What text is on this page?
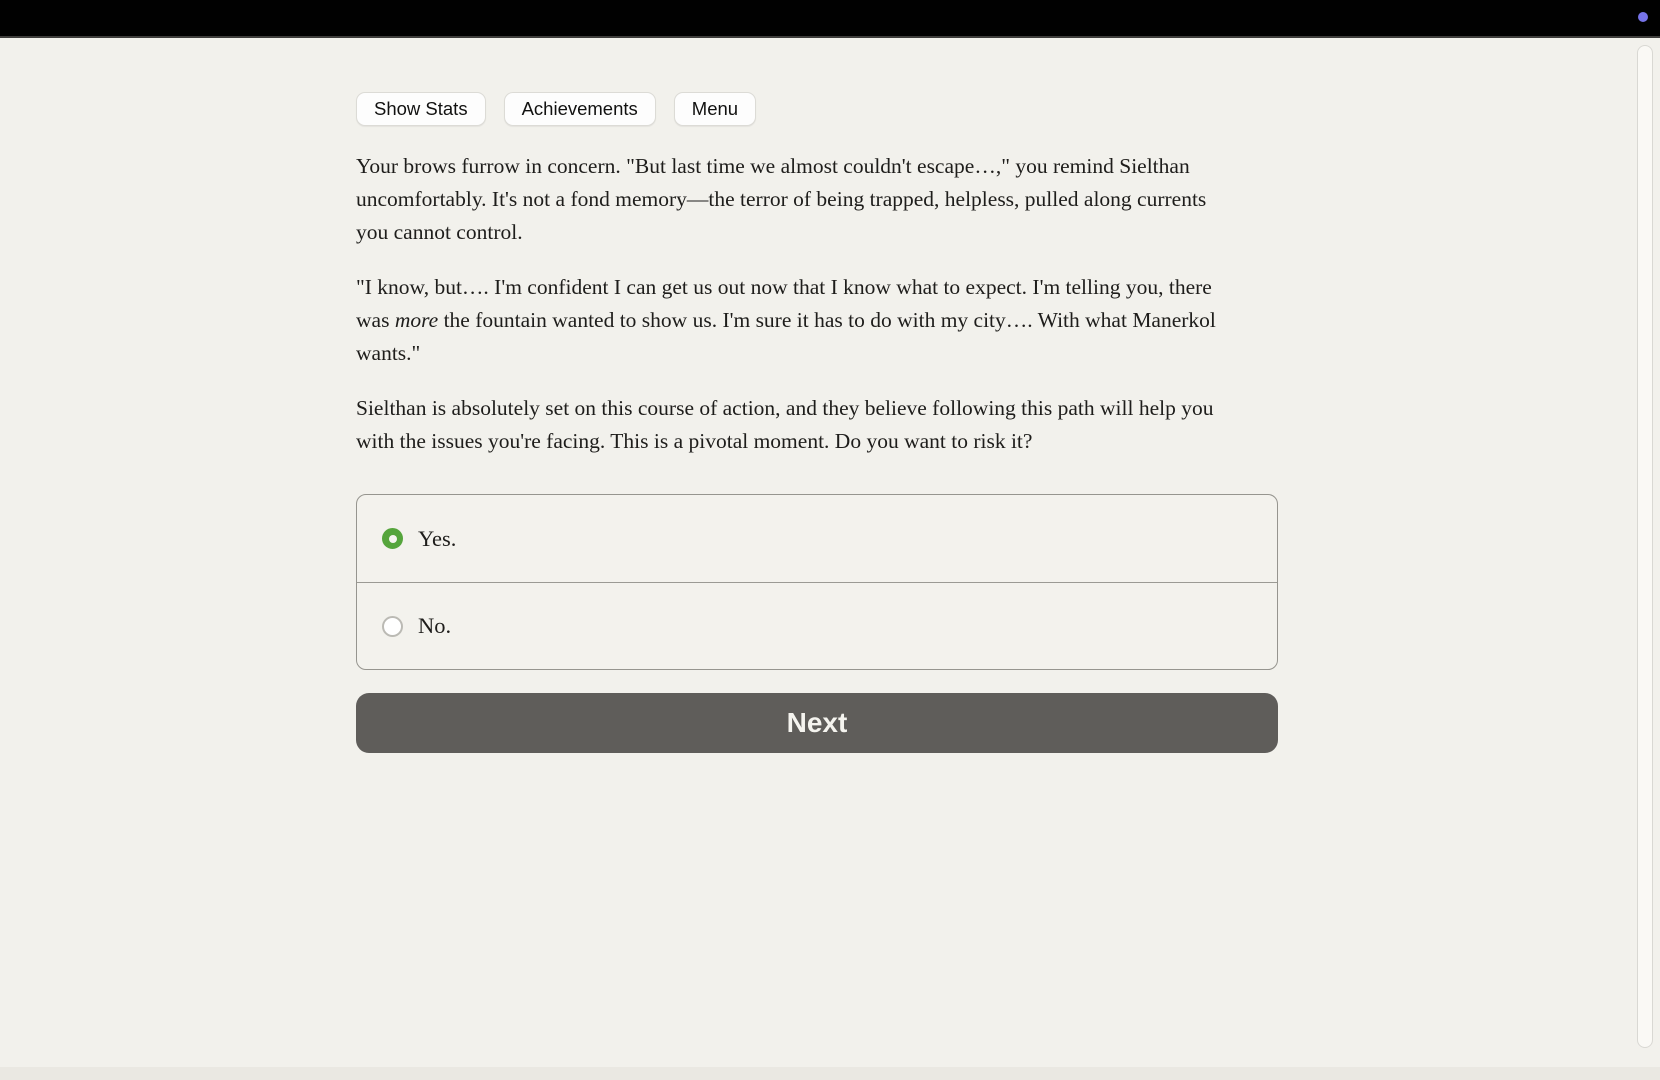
Show Stats	Achievements	Menu

Your brows furrow in concern. "But last time we almost couldn't escape…," you remind Sielthan uncomfortably. It's not a fond memory—the terror of being trapped, helpless, pulled along currents you cannot control.

"I know, but…. I'm confident I can get us out now that I know what to expect. I'm telling you, there was more the fountain wanted to show us. I'm sure it has to do with my city…. With what Manerkol wants."

Sielthan is absolutely set on this course of action, and they believe following this path will help you with the issues you're facing. This is a pivotal moment. Do you want to risk it?

Yes.
No.
Next
